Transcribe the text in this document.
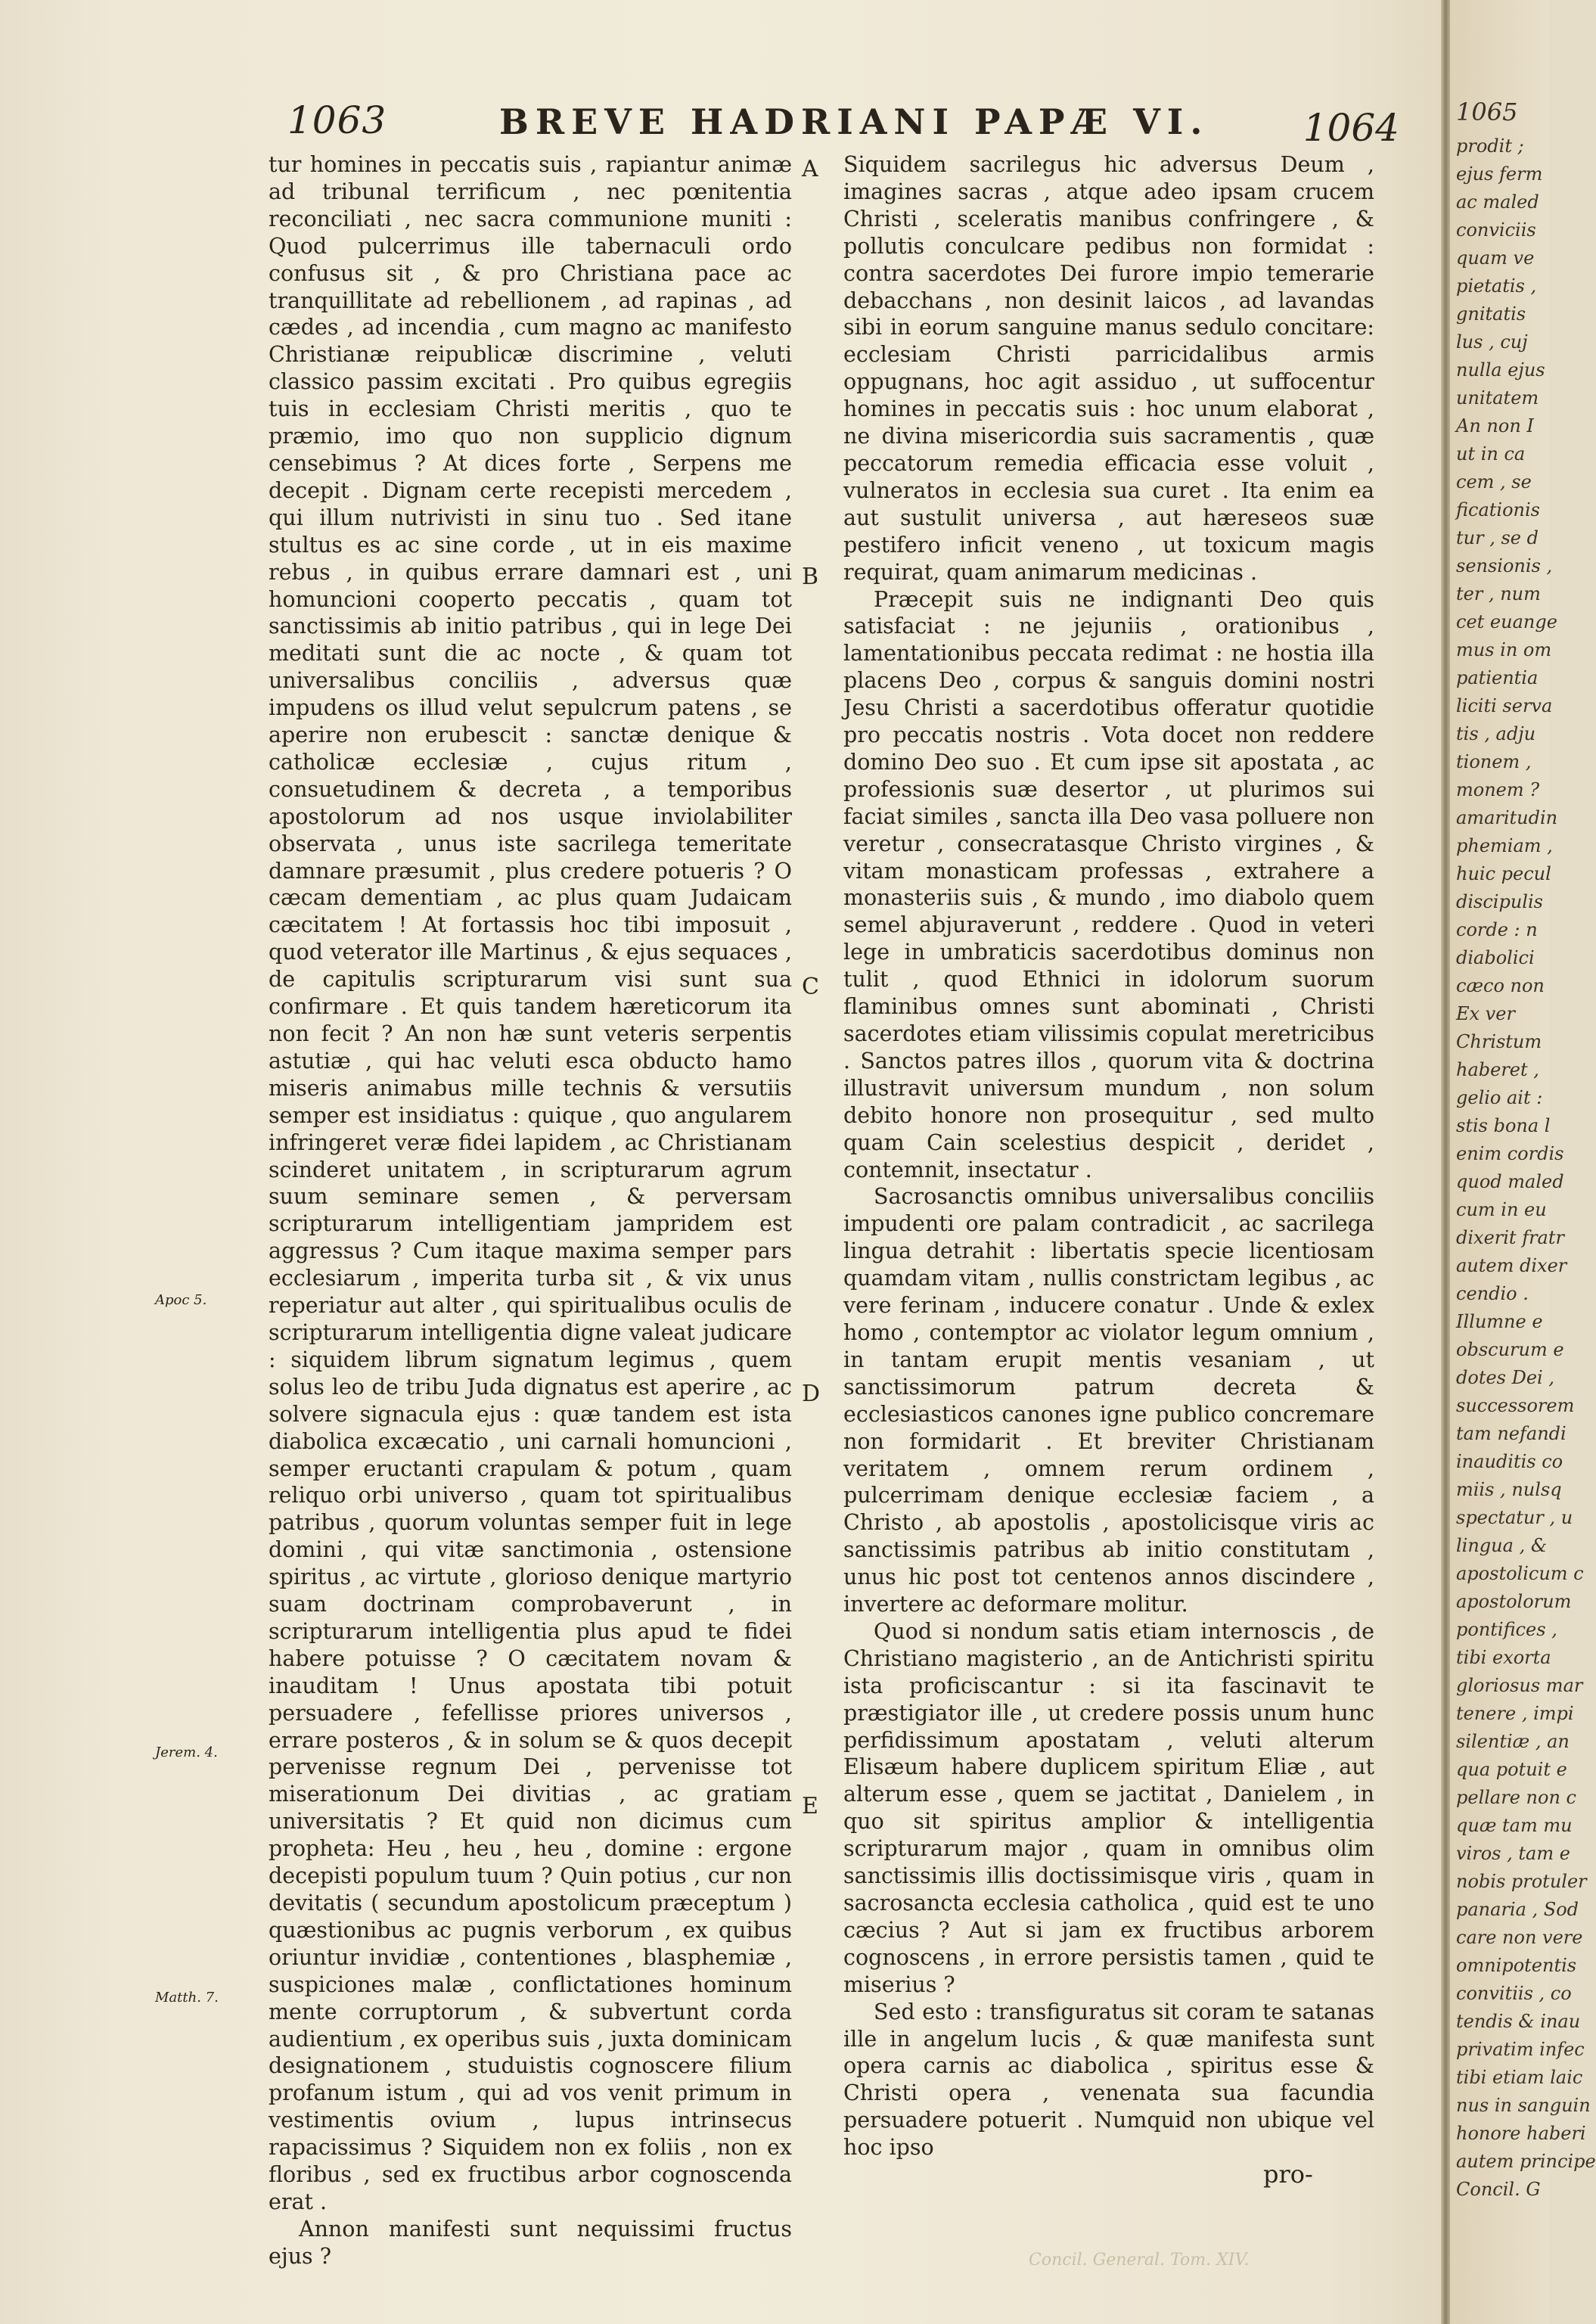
1063	BREVE HADRIANI PAPÆ VI. 1064
Apoc 5.
Jerem. 4.
Matth. 7.

tur homines in peccatis suis , rapiantur animæ ad tribunal terrificum , nec pœnitentia reconciliati , nec sacra communione muniti : Quod pulcerrimus ille tabernaculi ordo confusus sit , & pro Christiana pace ac tranquillitate ad rebellionem , ad rapinas , ad cædes , ad incendia , cum magno ac manifesto Christianæ reipublicæ discrimine , veluti classico passim excitati . Pro quibus egregiis tuis in ecclesiam Christi meritis , quo te præmio, imo quo non supplicio dignum censebimus ? At dices forte , Serpens me decepit . Dignam certe recepisti mercedem , qui illum nutrivisti in sinu tuo . Sed itane stultus es ac sine corde , ut in eis maxime rebus , in quibus errare damnari est , uni homuncioni cooperto peccatis , quam tot sanctissimis ab initio patribus , qui in lege Dei meditati sunt die ac nocte , & quam tot universalibus conciliis , adversus quæ impudens os illud velut sepulcrum patens , se aperire non erubescit : sanctæ denique & catholicæ ecclesiæ , cujus ritum , consuetudinem & decreta , a temporibus apostolorum ad nos usque inviolabiliter observata , unus iste sacrilega temeritate damnare præsumit , plus credere potueris ? O cæcam dementiam , ac plus quam Judaicam cæcitatem ! At fortassis hoc tibi imposuit , quod veterator ille Martinus , & ejus sequaces , de capitulis scripturarum visi sunt sua confirmare . Et quis tandem hæreticorum ita non fecit ? An non hæ sunt veteris serpentis astutiæ , qui hac veluti esca obducto hamo miseris animabus mille technis & versutiis semper est insidiatus : quique , quo angularem infringeret veræ fidei lapidem , ac Christianam scinderet unitatem , in scripturarum agrum suum seminare semen , & perversam scripturarum intelligentiam jampridem est aggressus ? Cum itaque maxima semper pars ecclesiarum , imperita turba sit , & vix unus reperiatur aut alter , qui spiritualibus oculis de scripturarum intelligentia digne valeat judicare : siquidem librum signatum legimus , quem solus leo de tribu Juda dignatus est aperire , ac solvere signacula ejus : quæ tandem est ista diabolica excæcatio , uni carnali homuncioni , semper eructanti crapulam & potum , quam reliquo orbi universo , quam tot spiritualibus patribus , quorum voluntas semper fuit in lege domini , qui vitæ sanctimonia , ostensione spiritus , ac virtute , glorioso denique martyrio suam doctrinam comprobaverunt , in scripturarum intelligentia plus apud te fidei habere potuisse ? O cæcitatem novam & inauditam ! Unus apostata tibi potuit persuadere , fefellisse priores universos , errare posteros , & in solum se & quos decepit pervenisse regnum Dei , pervenisse tot miserationum Dei divitias , ac gratiam universitatis ? Et quid non dicimus cum propheta: Heu , heu , heu , domine : ergone decepisti populum tuum ? Quin potius , cur non devitatis ( secundum apostolicum præceptum ) quæstionibus ac pugnis verborum , ex quibus oriuntur invidiæ , contentiones , blasphemiæ , suspiciones malæ , conflictationes hominum mente corruptorum , & subvertunt corda audientium , ex operibus suis , juxta dominicam designationem , studuistis cognoscere filium profanum istum , qui ad vos venit primum in vestimentis ovium , lupus intrinsecus rapacissimus ? Siquidem non ex foliis , non ex floribus , sed ex fructibus arbor cognoscenda erat .

Annon manifesti sunt nequissimi fructus ejus ?

A
B
C
D
E

Siquidem sacrilegus hic adversus Deum , imagines sacras , atque adeo ipsam crucem Christi , sceleratis manibus confringere , & pollutis conculcare pedibus non formidat : contra sacerdotes Dei furore impio temerarie debacchans , non desinit laicos , ad lavandas sibi in eorum sanguine manus sedulo concitare: ecclesiam Christi parricidalibus armis oppugnans, hoc agit assiduo , ut suffocentur homines in peccatis suis : hoc unum elaborat , ne divina misericordia suis sacramentis , quæ peccatorum remedia efficacia esse voluit , vulneratos in ecclesia sua curet . Ita enim ea aut sustulit universa , aut hæreseos suæ pestifero inficit veneno , ut toxicum magis requirat, quam animarum medicinas .

Præcepit suis ne indignanti Deo quis satisfaciat : ne jejuniis , orationibus , lamentationibus peccata redimat : ne hostia illa placens Deo , corpus & sanguis domini nostri Jesu Christi a sacerdotibus offeratur quotidie pro peccatis nostris . Vota docet non reddere domino Deo suo . Et cum ipse sit apostata , ac professionis suæ desertor , ut plurimos sui faciat similes , sancta illa Deo vasa polluere non veretur , consecratasque Christo virgines , & vitam monasticam professas , extrahere a monasteriis suis , & mundo , imo diabolo quem semel abjuraverunt , reddere . Quod in veteri lege in umbraticis sacerdotibus dominus non tulit , quod Ethnici in idolorum suorum flaminibus omnes sunt abominati , Christi sacerdotes etiam vilissimis copulat meretricibus . Sanctos patres illos , quorum vita & doctrina illustravit universum mundum , non solum debito honore non prosequitur , sed multo quam Cain scelestius despicit , deridet , contemnit, insectatur .

Sacrosanctis omnibus universalibus conciliis impudenti ore palam contradicit , ac sacrilega lingua detrahit : libertatis specie licentiosam quamdam vitam , nullis constrictam legibus , ac vere ferinam , inducere conatur . Unde & exlex homo , contemptor ac violator legum omnium , in tantam erupit mentis vesaniam , ut sanctissimorum patrum decreta & ecclesiasticos canones igne publico concremare non formidarit . Et breviter Christianam veritatem , omnem rerum ordinem , pulcerrimam denique ecclesiæ faciem , a Christo , ab apostolis , apostolicisque viris ac sanctissimis patribus ab initio constitutam , unus hic post tot centenos annos discindere , invertere ac deformare molitur.

Quod si nondum satis etiam internoscis , de Christiano magisterio , an de Antichristi spiritu ista proficiscantur : si ita fascinavit te præstigiator ille , ut credere possis unum hunc perfidissimum apostatam , veluti alterum Elisæum habere duplicem spiritum Eliæ , aut alterum esse , quem se jactitat , Danielem , in quo sit spiritus amplior & intelligentia scripturarum major , quam in omnibus olim sanctissimis illis doctissimisque viris , quam in sacrosancta ecclesia catholica , quid est te uno cæcius ? Aut si jam ex fructibus arborem cognoscens , in errore persistis tamen , quid te miserius ?

Sed esto : transfiguratus sit coram te satanas ille in angelum lucis , & quæ manifesta sunt opera carnis ac diabolica , spiritus esse & Christi opera , venenata sua facundia persuadere potuerit . Numquid non ubique vel hoc ipso

pro-
Concil. General. Tom. XIV.
1065
prodit ;
ejus ferm
ac maled
conviciis
quam ve
pietatis ,
gnitatis
lus , cuj
nulla ejus
unitatem
An non I
ut in ca
cem , se
ficationis
tur , se d
sensionis ,
ter , num
cet euange
mus in om
patientia
liciti serva
tis , adju
tionem ,
monem ?
amaritudin
phemiam ,
huic pecul
discipulis
corde : n
diabolici
cæco non
Ex ver
Christum
haberet ,
gelio ait :
stis bona l
enim cordis
quod maled
cum in eu
dixerit fratr
autem dixer
cendio .
Illumne e
obscurum e
dotes Dei ,
successorem
tam nefandi
inauditis co
miis , nulsq
spectatur , u
lingua , &
apostolicum c
apostolorum
pontifices ,
tibi exorta
gloriosus mar
tenere , impi
silentiæ , an
qua potuit e
pellare non c
quæ tam mu
viros , tam e
nobis protuler
panaria , Sod
care non vere
omnipotentis
convitiis , co
tendis & inau
privatim infec
tibi etiam laic
nus in sanguin
honore haberi
autem principe
Concil. G
